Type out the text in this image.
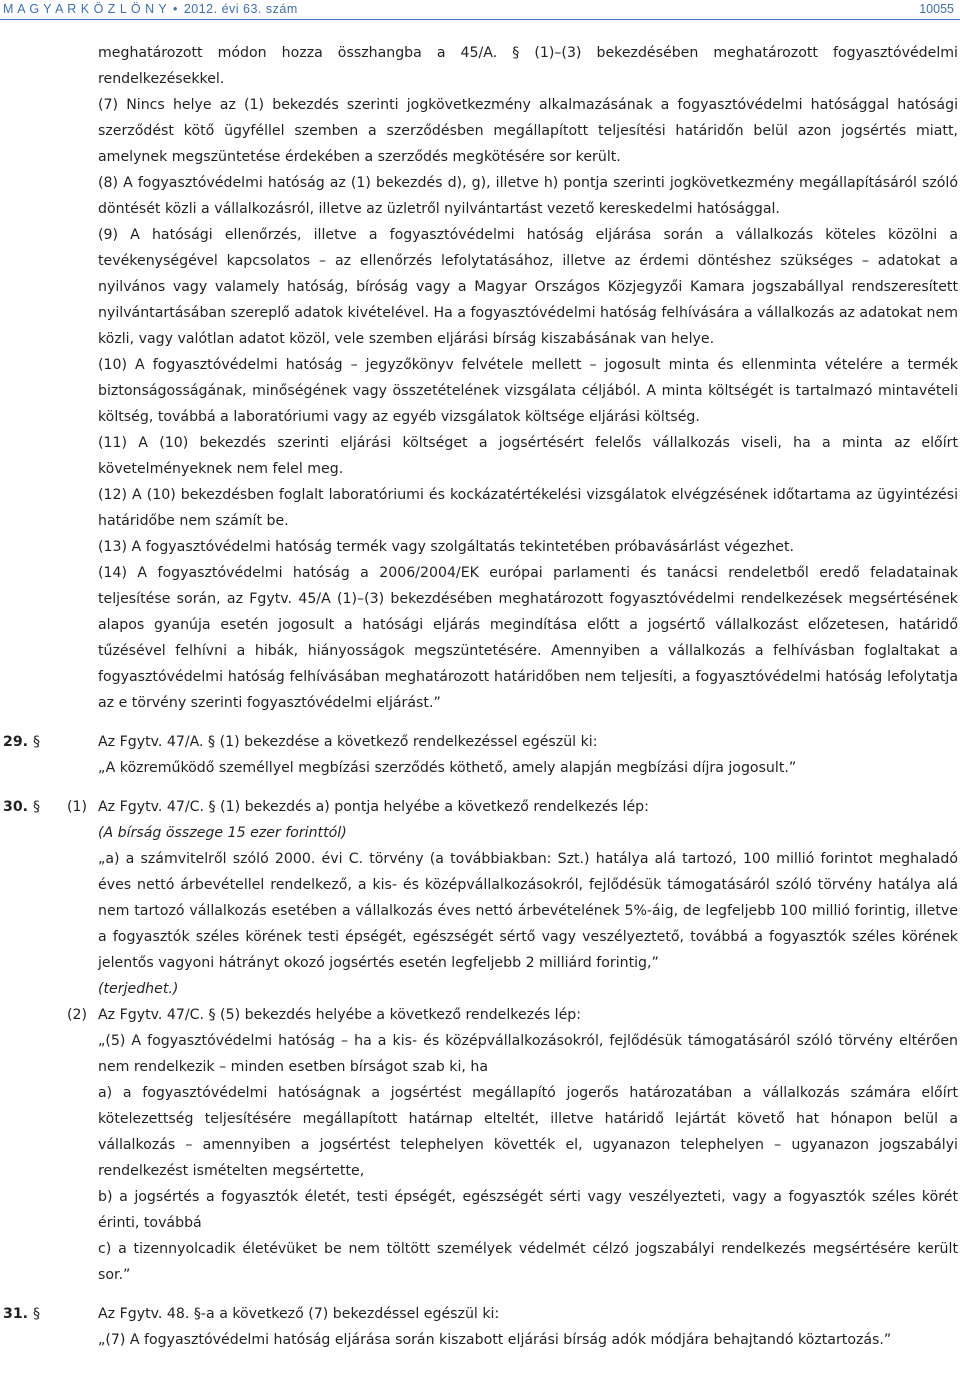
M A G Y A R K Ö Z L Ö N Y • 2012. évi 63. szám	10055
meghatározott módon hozza összhangba a 45/A. § (1)–(3) bekezdésében meghatározott fogyasztóvédelmi rendelkezésekkel.
(7) Nincs helye az (1) bekezdés szerinti jogkövetkezmény alkalmazásának a fogyasztóvédelmi hatósággal hatósági szerződést kötő ügyféllel szemben a szerződésben megállapított teljesítési határidőn belül azon jogsértés miatt, amelynek megszüntetése érdekében a szerződés megkötésére sor került.
(8) A fogyasztóvédelmi hatóság az (1) bekezdés d), g), illetve h) pontja szerinti jogkövetkezmény megállapításáról szóló döntését közli a vállalkozásról, illetve az üzletről nyilvántartást vezető kereskedelmi hatósággal.
(9) A hatósági ellenőrzés, illetve a fogyasztóvédelmi hatóság eljárása során a vállalkozás köteles közölni a tevékenységével kapcsolatos – az ellenőrzés lefolytatásához, illetve az érdemi döntéshez szükséges – adatokat a nyilvános vagy valamely hatóság, bíróság vagy a Magyar Országos Közjegyzői Kamara jogszabállyal rendszeresített nyilvántartásában szereplő adatok kivételével. Ha a fogyasztóvédelmi hatóság felhívására a vállalkozás az adatokat nem közli, vagy valótlan adatot közöl, vele szemben eljárási bírság kiszabásának van helye.
(10) A fogyasztóvédelmi hatóság – jegyzőkönyv felvétele mellett – jogosult minta és ellenminta vételére a termék biztonságosságának, minőségének vagy összetételének vizsgálata céljából. A minta költségét is tartalmazó mintavételi költség, továbbá a laboratóriumi vagy az egyéb vizsgálatok költsége eljárási költség.
(11) A (10) bekezdés szerinti eljárási költséget a jogsértésért felelős vállalkozás viseli, ha a minta az előírt követelményeknek nem felel meg.
(12) A (10) bekezdésben foglalt laboratóriumi és kockázatértékelési vizsgálatok elvégzésének időtartama az ügyintézési határidőbe nem számít be.
(13) A fogyasztóvédelmi hatóság termék vagy szolgáltatás tekintetében próbavásárlást végezhet.
(14) A fogyasztóvédelmi hatóság a 2006/2004/EK európai parlamenti és tanácsi rendeletből eredő feladatainak teljesítése során, az Fgytv. 45/A (1)–(3) bekezdésében meghatározott fogyasztóvédelmi rendelkezések megsértésének alapos gyanúja esetén jogosult a hatósági eljárás megindítása előtt a jogsértő vállalkozást előzetesen, határidő tűzésével felhívni a hibák, hiányosságok megszüntetésére. Amennyiben a vállalkozás a felhívásban foglaltakat a fogyasztóvédelmi hatóság felhívásában meghatározott határidőben nem teljesíti, a fogyasztóvédelmi hatóság lefolytatja az e törvény szerinti fogyasztóvédelmi eljárást.”
29. §	Az Fgytv. 47/A. § (1) bekezdése a következő rendelkezéssel egészül ki:
„A közreműködő személlyel megbízási szerződés köthető, amely alapján megbízási díjra jogosult.”
30. § (1) Az Fgytv. 47/C. § (1) bekezdés a) pontja helyébe a következő rendelkezés lép:
(A bírság összege 15 ezer forinttól)
„a) a számvitelről szóló 2000. évi C. törvény (a továbbiakban: Szt.) hatálya alá tartozó, 100 millió forintot meghaladó éves nettó árbevétellel rendelkező, a kis- és középvállalkozásokról, fejlődésük támogatásáról szóló törvény hatálya alá nem tartozó vállalkozás esetében a vállalkozás éves nettó árbevételének 5%-áig, de legfeljebb 100 millió forintig, illetve a fogyasztók széles körének testi épségét, egészségét sértő vagy veszélyeztető, továbbá a fogyasztók széles körének jelentős vagyoni hátrányt okozó jogsértés esetén legfeljebb 2 milliárd forintig,”
(terjedhet.)
(2) Az Fgytv. 47/C. § (5) bekezdés helyébe a következő rendelkezés lép:
„(5) A fogyasztóvédelmi hatóság – ha a kis- és középvállalkozásokról, fejlődésük támogatásáról szóló törvény eltérően nem rendelkezik – minden esetben bírságot szab ki, ha
a) a fogyasztóvédelmi hatóságnak a jogsértést megállapító jogerős határozatában a vállalkozás számára előírt kötelezettség teljesítésére megállapított határnap elteltét, illetve határidő lejártát követő hat hónapon belül a vállalkozás – amennyiben a jogsértést telephelyen követték el, ugyanazon telephelyen – ugyanazon jogszabályi rendelkezést ismételten megsértette,
b) a jogsértés a fogyasztók életét, testi épségét, egészségét sérti vagy veszélyezteti, vagy a fogyasztók széles körét érinti, továbbá
c) a tizennyolcadik életévüket be nem töltött személyek védelmét célzó jogszabályi rendelkezés megsértésére került sor.”
31. §	Az Fgytv. 48. §-a a következő (7) bekezdéssel egészül ki:
„(7) A fogyasztóvédelmi hatóság eljárása során kiszabott eljárási bírság adók módjára behajtandó köztartozás.”
